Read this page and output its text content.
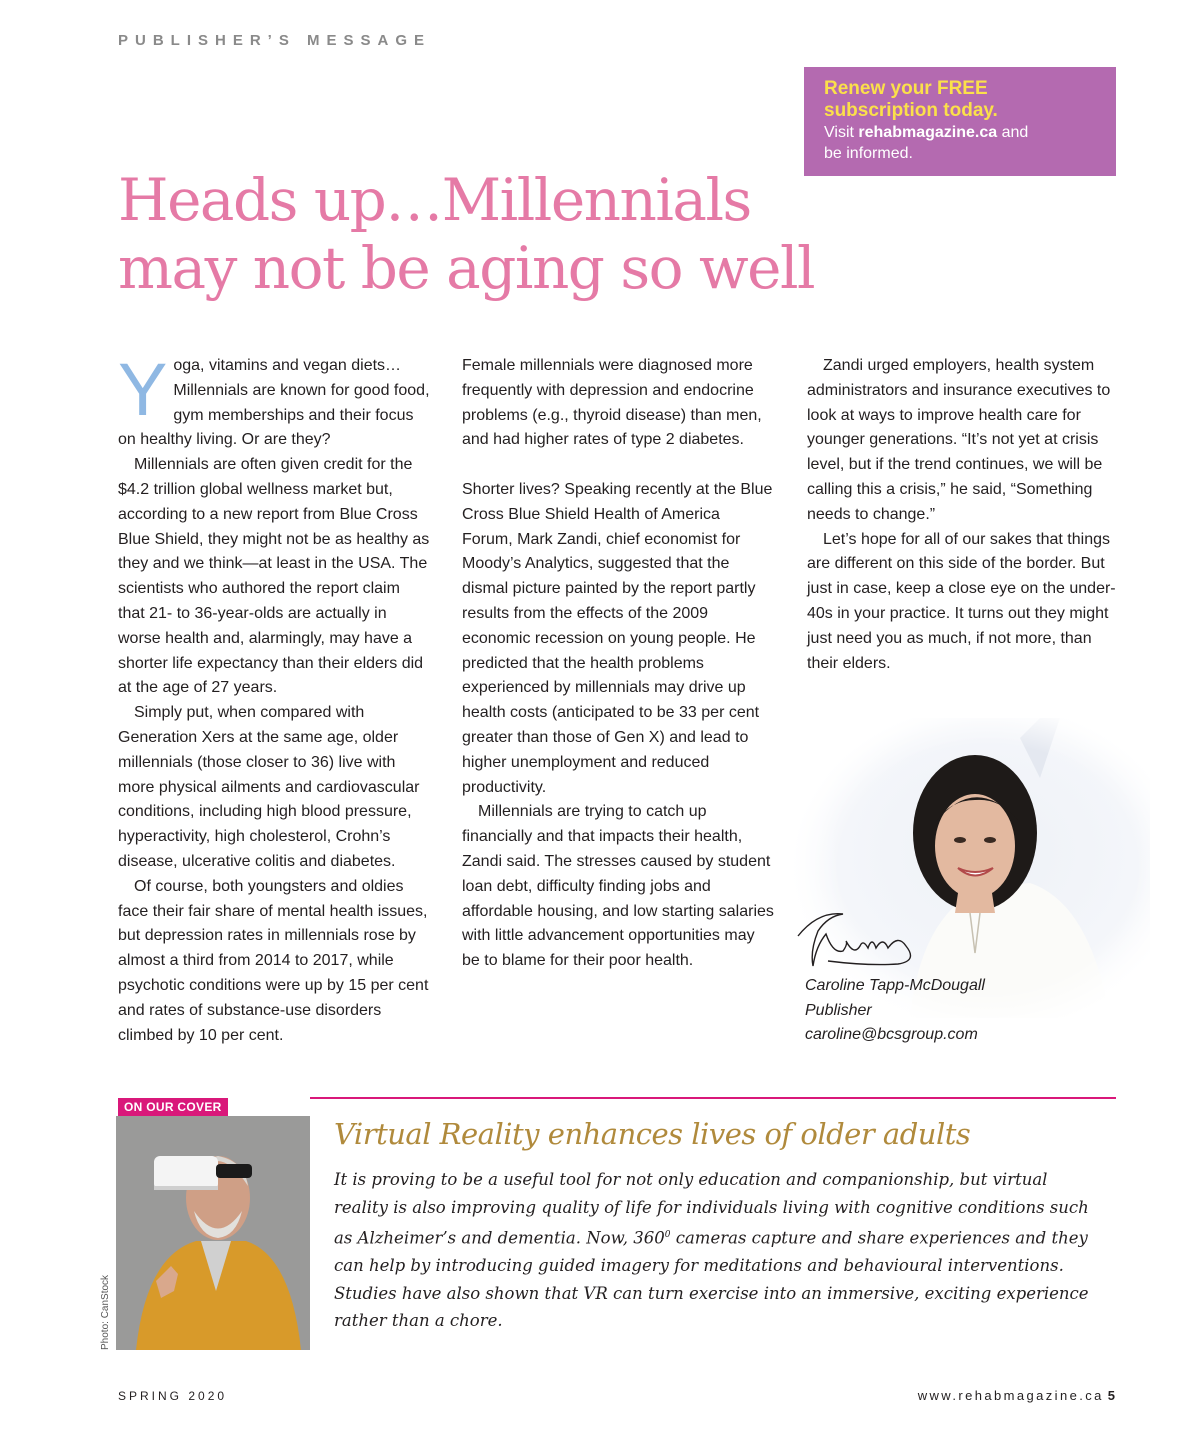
PUBLISHER’S MESSAGE
Renew your FREE
subscription today.
Visit rehabmagazine.ca and
be informed.
Heads up…Millennials
may not be aging so well

Yoga, vitamins and vegan diets… Millennials are known for good food, gym memberships and their focus on healthy living. Or are they?

Millennials are often given credit for the $4.2 trillion global wellness market but, according to a new report from Blue Cross Blue Shield, they might not be as healthy as they and we think—at least in the USA. The scientists who authored the report claim that 21- to 36-year-olds are actually in worse health and, alarmingly, may have a shorter life expectancy than their elders did at the age of 27 years.

Simply put, when compared with Generation Xers at the same age, older millennials (those closer to 36) live with more physical ailments and cardiovascular conditions, including high blood pressure, hyperactivity, high cholesterol, Crohn’s disease, ulcerative colitis and diabetes.

Of course, both youngsters and oldies face their fair share of mental health issues, but depression rates in millennials rose by almost a third from 2014 to 2017, while psychotic conditions were up by 15 per cent and rates of substance-use disorders climbed by 10 per cent.

Female millennials were diagnosed more frequently with depression and endocrine problems (e.g., thyroid disease) than men, and had higher rates of type 2 diabetes.

Shorter lives? Speaking recently at the Blue Cross Blue Shield Health of America Forum, Mark Zandi, chief economist for Moody’s Analytics, suggested that the dismal picture painted by the report partly results from the effects of the 2009 economic recession on young people. He predicted that the health problems experienced by millennials may drive up health costs (anticipated to be 33 per cent greater than those of Gen X) and lead to higher unemployment and reduced productivity.

Millennials are trying to catch up financially and that impacts their health, Zandi said. The stresses caused by student loan debt, difficulty finding jobs and affordable housing, and low starting salaries with little advancement opportunities may be to blame for their poor health.

Zandi urged employers, health system administrators and insurance executives to look at ways to improve health care for younger generations. “It’s not yet at crisis level, but if the trend continues, we will be calling this a crisis,” he said, “Something needs to change.”

Let’s hope for all of our sakes that things are different on this side of the border. But just in case, keep a close eye on the under-40s in your practice. It turns out they might just need you as much, if not more, than their elders.

Caroline Tapp-McDougall
Publisher
caroline@bcsgroup.com
ON OUR COVER
Photo: CanStock
Virtual Reality enhances lives of older adults

It is proving to be a useful tool for not only education and companionship, but virtual reality is also improving quality of life for individuals living with cognitive conditions such as Alzheimer’s and dementia. Now, $360^0$ cameras capture and share experiences and they can help by introducing guided imagery for meditations and behavioural interventions. Studies have also shown that VR can turn exercise into an immersive, exciting experience rather than a chore.

SPRING 2020	www.rehabmagazine.ca 5
